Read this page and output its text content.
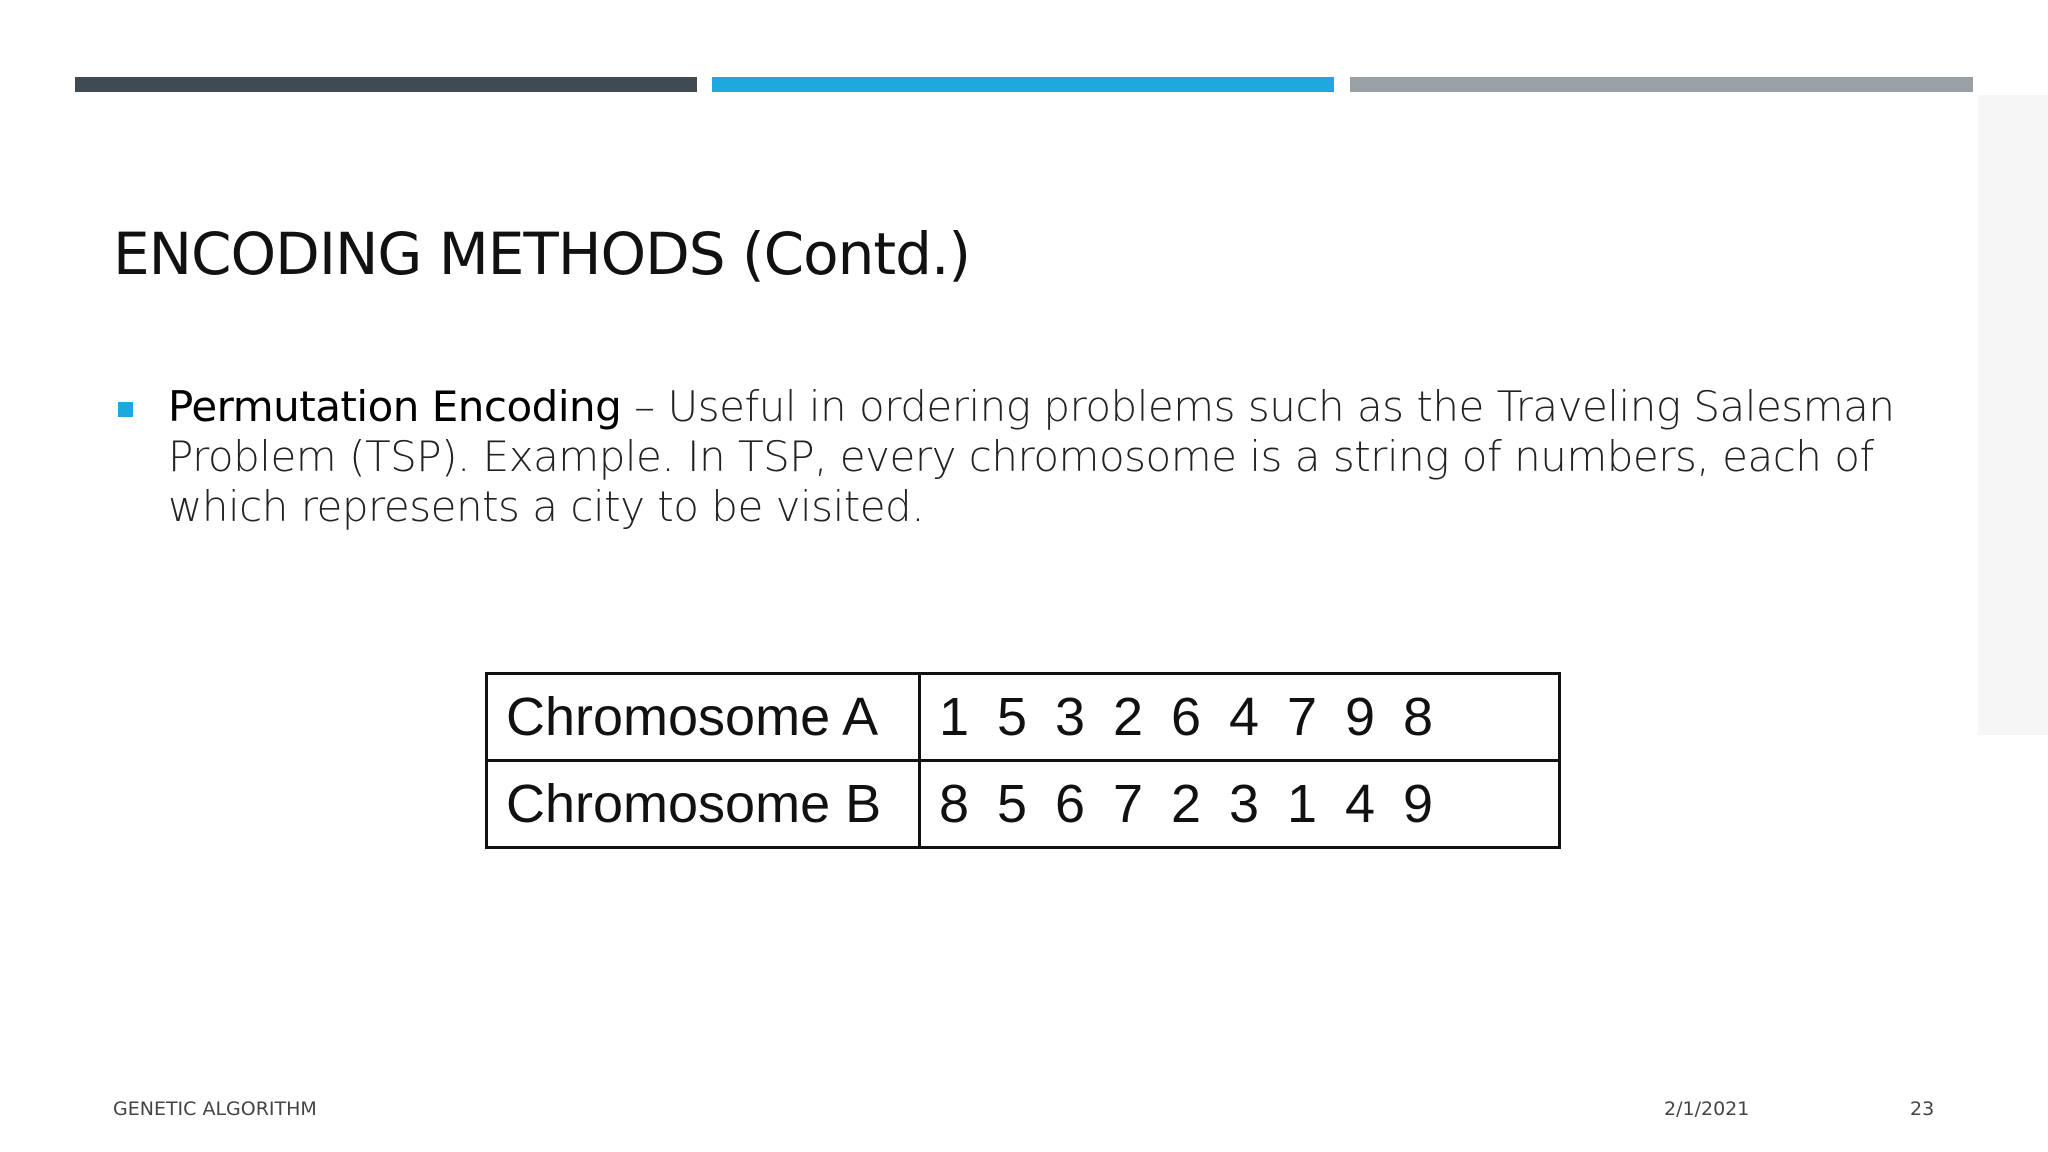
ENCODING METHODS (Contd.)
Permutation Encoding – Useful in ordering problems such as the Traveling Salesman Problem (TSP). Example. In TSP, every chromosome is a string of numbers, each of which represents a city to be visited.
Chromosome A	1 5 3 2 6 4 7 9 8
Chromosome B	8 5 6 7 2 3 1 4 9
GENETIC ALGORITHM	2/1/2021	23
